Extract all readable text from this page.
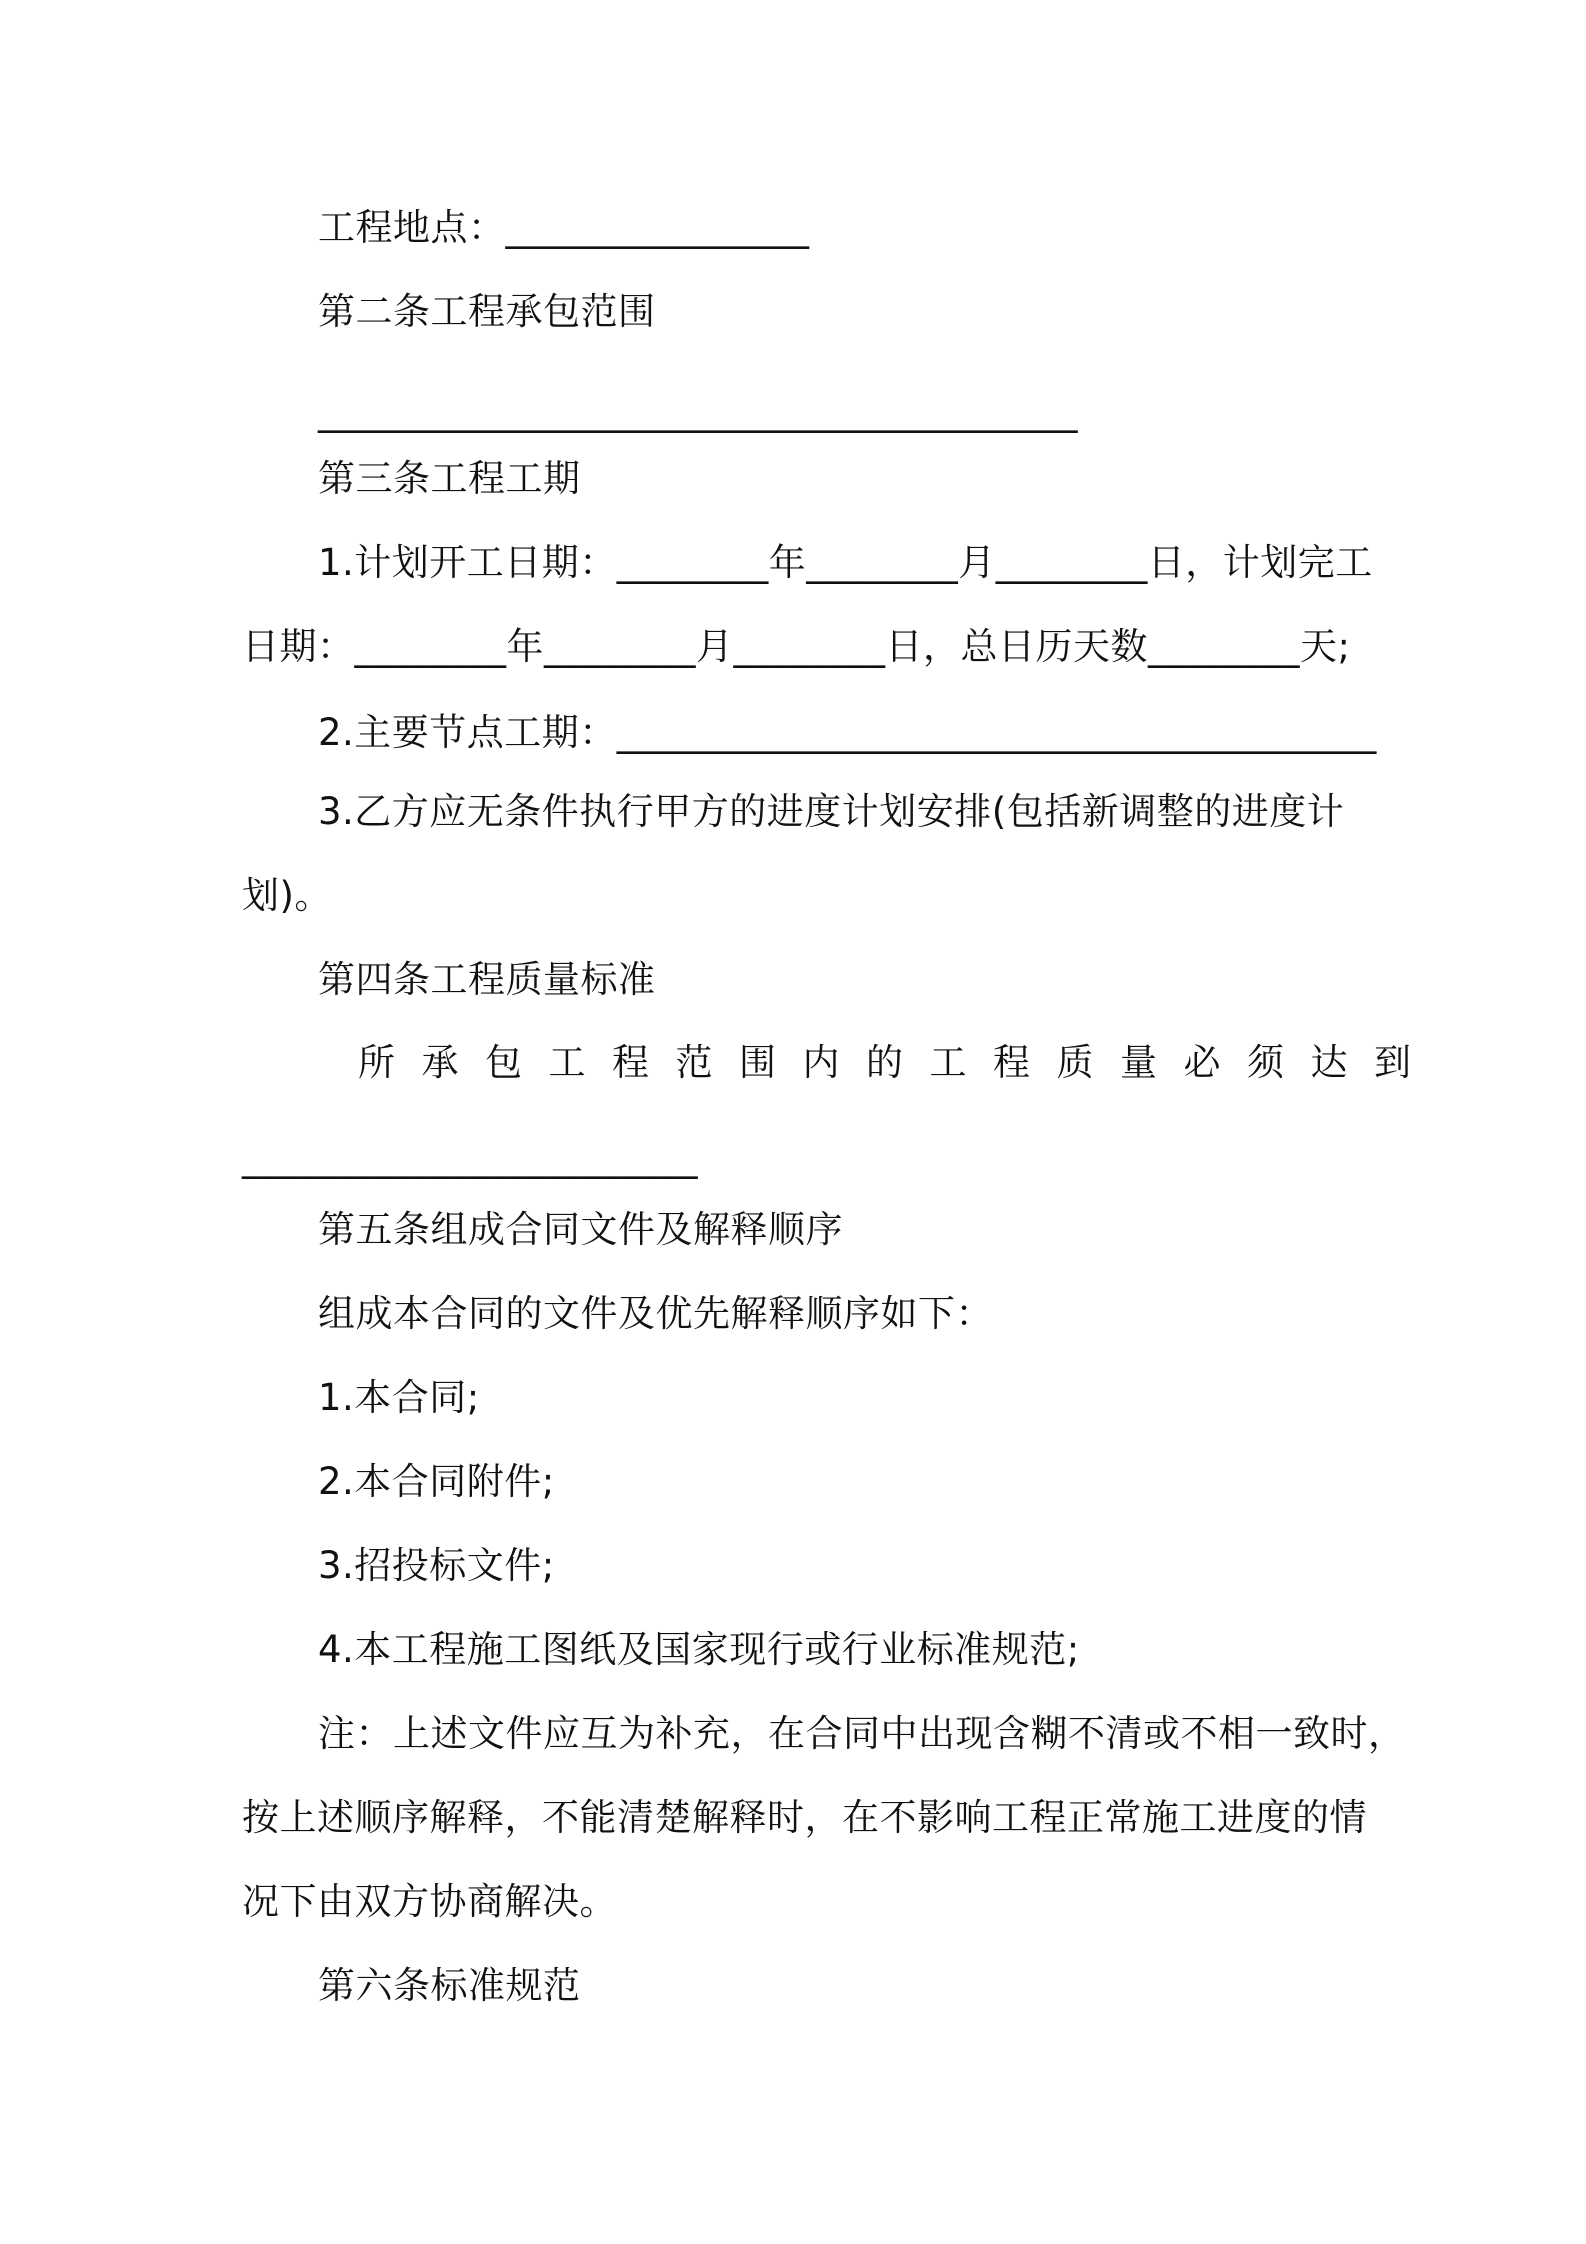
工程地点：________________
第二条工程承包范围
________________________________________
第三条工程工期
1.计划开工日期：________年________月________日，计划完工
日期：________年________月________日，总日历天数________天;
2.主要节点工期：________________________________________
3.乙方应无条件执行甲方的进度计划安排(包括新调整的进度计
划)。
第四条工程质量标准
所承包工程范围内的工程质量必须达到
________________________
第五条组成合同文件及解释顺序
组成本合同的文件及优先解释顺序如下：
1.本合同;
2.本合同附件;
3.招投标文件;
4.本工程施工图纸及国家现行或行业标准规范;
注：上述文件应互为补充，在合同中出现含糊不清或不相一致时，
按上述顺序解释，不能清楚解释时，在不影响工程正常施工进度的情
况下由双方协商解决。
第六条标准规范
